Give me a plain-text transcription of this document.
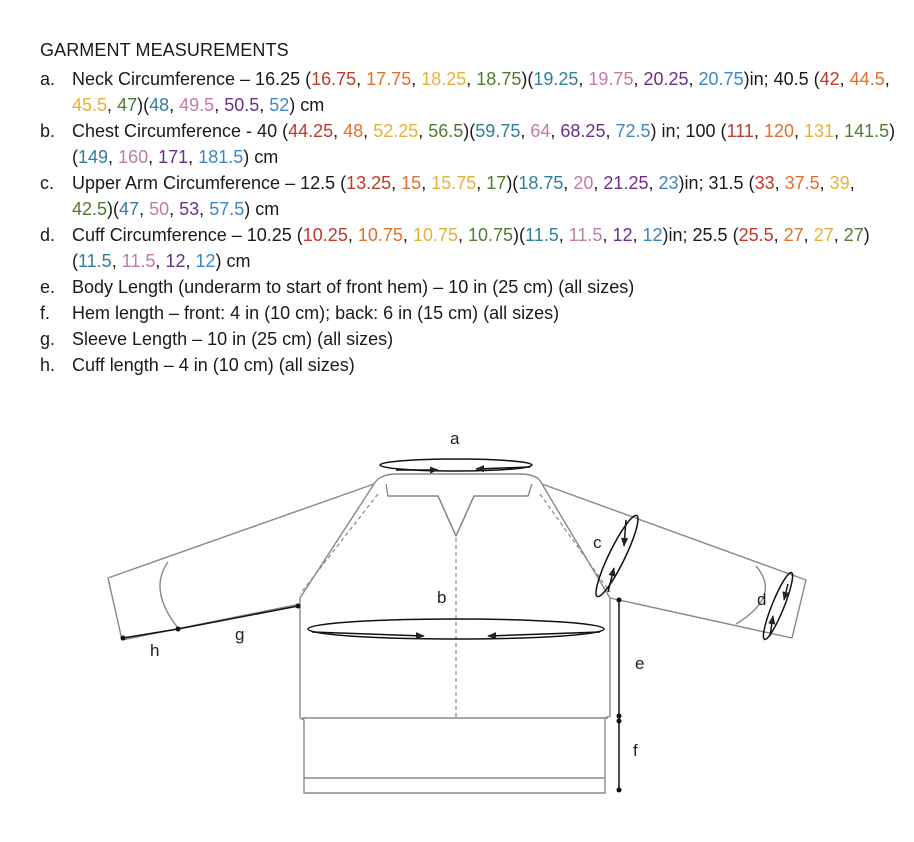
GARMENT MEASUREMENTS
a. Neck Circumference – 16.25 (16.75, 17.75, 18.25, 18.75)(19.25, 19.75, 20.25, 20.75)in; 40.5 (42, 44.5, 45.5, 47)(48, 49.5, 50.5, 52) cm
b. Chest Circumference - 40 (44.25, 48, 52.25, 56.5)(59.75, 64, 68.25, 72.5) in; 100 (111, 120, 131, 141.5)(149, 160, 171, 181.5) cm
c. Upper Arm Circumference – 12.5 (13.25, 15, 15.75, 17)(18.75, 20, 21.25, 23)in; 31.5 (33, 37.5, 39, 42.5)(47, 50, 53, 57.5) cm
d. Cuff Circumference – 10.25 (10.25, 10.75, 10.75, 10.75)(11.5, 11.5, 12, 12)in; 25.5 (25.5, 27, 27, 27)(11.5, 11.5, 12, 12) cm
e. Body Length (underarm to start of front hem) – 10 in (25 cm) (all sizes)
f. Hem length – front: 4 in (10 cm); back: 6 in (15 cm) (all sizes)
g. Sleeve Length – 10 in (25 cm) (all sizes)
h. Cuff length – 4 in (10 cm) (all sizes)
a
b
c
d
e
f
g
h
